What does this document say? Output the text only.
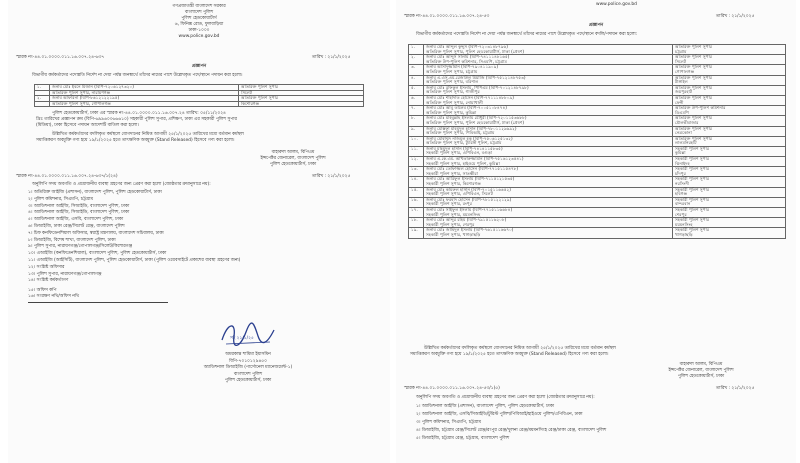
গণপ্রজাতন্ত্রী বাংলাদেশ সরকার
বাংলাদেশ পুলিশ
পুলিশ হেডকোয়ার্টার্স
৬, ফিনিক্স রোড, ফুলবাড়িয়া
ঢাকা-১০০০
www.police.gov.bd
স্মারক নং-৪৪.০১.০০০০.০১১.১৬.০০৭.২৪-৬৩৭	তারিখ : ২১/১/২০২৫
প্রজ্ঞাপন
বিভাগীয় কর্মকর্তাদের পদোন্নতি নির্দেশ না দেয়া পর্যন্ত জনস্বার্থে তাঁদের নামের পাশে উল্লেখকৃত পদে/স্থানে পদায়ন করা হলো।
১.	জনাব মোঃ ইবনে মিজান (বিপি-৭২০৬১২৭৩২০)	অতিরিক্ত পুলিশ সুপার
	অতিরিক্ত পুলিশ সুপার, নারায়ণগঞ্জ	সিলেট
২.	জনাব আফরিনা (বিপি-৮৬১২১২২১৯৫)	অতিরিক্ত পুলিশ সুপার
	অতিরিক্ত পুলিশ সুপার, গোপালগঞ্জ	কিশোরগঞ্জ
পুলিশ হেডকোয়ার্টার্স, ঢাকা এর স্মারক নং-৪৪.০১.০০০০.০১১.১৬.০০৭.২৪ তারিখ: ০৫/১১/২০২৪
খ্রিঃ তারিখের প্রজ্ঞাপন ক্রম (বিপি-৬৯৯৬০০৬৬৬১০) সহকারী পুলিশ সুপার, প্রশিক্ষণ, ঢাকা এর সহকারী পুলিশ সুপার
(মিডিয়া), ঢাকা হিসেবে পদায়ন আদেশটি বাতিল করা হলো।
উল্লিখিত কর্মকর্তাদের বদলিকৃত কর্মস্থলে যোগদানের নিমিত্ত আগামী ২৫/১/২০২৫ তারিখের মধ্যে বর্তমান কর্মস্থল
সমাপ্তিকরণ অবমুক্তি গণ্য হয়ে ১৯/১/২০২৫ হতে তাৎক্ষণিক অবমুক্ত (Stand Released) হিসেবে গণ্য করা হলো।
বাহারুল আলম, বিপিএম
ইন্সপেক্টর জেনারেল, বাংলাদেশ পুলিশ
পুলিশ হেডকোয়ার্টার্স, ঢাকা
স্মারক নং-৪৪.০১.০০০০.০১১.১৬.০০৭.২৪-৬৩৭/১(২৪)	তারিখ : ২১/১/২০২৫
অনুলিপি সদয় অবগতি ও প্রয়োজনীয় ব্যবস্থা গ্রহণের জন্য প্রেরণ করা হলো (জ্যেষ্ঠতার ক্রমানুসারে নয়):
১। অতিরিক্ত আইজি (প্রশাসন), বাংলাদেশ পুলিশ, পুলিশ হেডকোয়ার্টার্স, ঢাকা
২। পুলিশ কমিশনার, সিএমপি, চট্টগ্রাম
৩। অ্যাডিশনাল আইজি, সিআইডি, বাংলাদেশ পুলিশ, ঢাকা
৪। অ্যাডিশনাল আইজি, সিআইডি, বাংলাদেশ পুলিশ, ঢাকা
৫। অ্যাডিশনাল আইজি, এসবি, বাংলাদেশ পুলিশ, ঢাকা
৬। ডিআইজি, ঢাকা রেঞ্জ/সিলেট রেঞ্জ, বাংলাদেশ পুলিশ
৭। চিফ কনফিডেনশিয়াল অফিসার, স্বরাষ্ট্র মন্ত্রণালয়, বাংলাদেশ সচিবালয়, ঢাকা
৮। ডিআইজি, বিশেষ শাখা, বাংলাদেশ পুলিশ, ঢাকা
৯। পুলিশ সুপার, নারায়ণগঞ্জ/গোপালগঞ্জ/সিলেট/কিশোরগঞ্জ
১০। এআইজি (কনফিডেনশিয়াল), বাংলাদেশ পুলিশ, পুলিশ হেডকোয়ার্টার্স, ঢাকা
১১। এআইজি (আইসিটি), বাংলাদেশ পুলিশ, পুলিশ হেডকোয়ার্টার্স, ঢাকা (পুলিশ ওয়েবসাইটে প্রকাশের ব্যবস্থা গ্রহণের জন্য)
১২। সংশ্লিষ্ট অফিসার
১৩। পুলিশ সুপার, নারায়ণগঞ্জ/গোপালগঞ্জ
১৪। সংশ্লিষ্ট কর্মকর্তাগণ
১৫। অফিস কপি
১৬। সংরক্ষণ নথি/অফিস নথি
সই ২১/১/২৫
অমরকান্ত শামিমা ইয়াসমিন
বিপি-৭০১০১২৯৪৫০
অ্যাডিশনাল ডিআইজি (পার্সোনেল ম্যানেজমেন্ট-১)
বাংলাদেশ পুলিশ
পুলিশ হেডকোয়ার্টার্স, ঢাকা
www.police.gov.bd
স্মারক নং-৪৪.০১.০০০০.০১১.১৬.০০৭.২৪-৫৩	তারিখ : ২১/১/২০২৫
প্রজ্ঞাপন
বিভাগীয় কর্মকর্তাদের পদোন্নতি নির্দেশ না দেয়া পর্যন্ত জনস্বার্থে তাঁদের নামের পাশে উল্লেখকৃত পদে/স্থানে বদলি/পদায়ন করা হলো:
১.	জনাব মোঃ আব্দুল কুদ্দুস (বিপি-৭২০৩১৪৮৭৯৬)	অতিরিক্ত পুলিশ সুপার
	অতিরিক্ত পুলিশ সুপার, পুলিশ হেডকোয়ার্টার্স, ঢাকা (প্রেষণ)	চট্টগ্রাম
২.	জনাব মোঃ আব্দুস সালাম (বিপি-৭৪১১১৪৮১৬৫)	অতিরিক্ত পুলিশ সুপার
	অতিরিক্ত উপ-পুলিশ কমিশনার, সিএমপি, চট্টগ্রাম	সিলেট
৩.	জনাব আসাদুজ্জামান (বিপি-৭৯০৪১১৯০৯)	অতিরিক্ত পুলিশ সুপার
	অতিরিক্ত পুলিশ সুপার, চট্টগ্রাম	গোপালগঞ্জ
৪.	জনাব এ.এস.এম.রেজাউল মিয়াজি (বিপি-৭৫১২১৪৮৭৫৩)	অতিরিক্ত পুলিশ সুপার
	অতিরিক্ত পুলিশ সুপার, বরিশাল	টাঙ্গাইল
৫.	জনাব মোঃ রফিকুল ইসলাম, পিপিএম (বিপি-৭০১২১৪৮৭৯৮)	অতিরিক্ত পুলিশ সুপার
	অতিরিক্ত পুলিশ সুপার, গাজীপুর	জয়পুরহাট
৬.	জনাব মোঃ শাহাদাত হোসেন (বিপি-৭৭১১১৪৮৮০৯)	অতিরিক্ত পুলিশ সুপার
	অতিরিক্ত পুলিশ সুপার, নোয়াখালী	ফেনী
৭.	জনাব মোঃ আবু তালেব (বিপি-৭০০৫১০৮৪৭৪)	অতিরিক্ত উপ-পুলিশ কমিশনার
	অতিরিক্ত পুলিশ সুপার, কুমিল্লা	ডিএমপি
৮.	জনাব মোঃ মহিবুল্লাহ ইসলাম চৌধুরী (বিপি-৭২০১১৫৩৬৮৮)	অতিরিক্ত পুলিশ সুপার
	অতিরিক্ত পুলিশ সুপার, পুলিশ হেডকোয়ার্টার্স, ঢাকা (প্রেষণ)	মৌলভীবাজার
৯.	জনাব মোস্তফা মাহমুদুল হাসান (বিপি-৭৮০১১২৯৬৯২)	অতিরিক্ত পুলিশ সুপার
	অতিরিক্ত পুলিশ সুপার, পিবিআই, চট্টগ্রাম	নেত্রকোনা
১০.	জনাব মোহাম্মদ নাজমুল হক (বিপি-৭৫০৬১২৫১৩২)	অতিরিক্ত পুলিশ সুপার
	অতিরিক্ত পুলিশ সুপার, ট্যুরিস্ট পুলিশ, চট্টগ্রাম	লালমনিরহাট
১১.	জনাব মাহমুদুল হাসান (বিপি-৭৪১৪১১৫৮৩৫)	সহকারী পুলিশ সুপার
	সহকারী পুলিশ সুপার, এপিবিএন, বগুড়া	কুমিল্লা
১২.	জনাব এ.কে.এম. আখতারুজ্জামান (বিপি-৭৫১৬১২৩৫৪১)	সহকারী পুলিশ সুপার
	সহকারী পুলিশ সুপার, হাইওয়ে পুলিশ, কুমিল্লা	ঝিনাইদহ
১৩.	জনাব মোঃ তোফাজ্জল হোসেন (বিপি-৭৭১৫১১৫৪৭৮)	সহকারী পুলিশ সুপার
	সহকারী পুলিশ সুপার, সাতক্ষীরা	চাঁদপুর
১৪.	জনাব মোঃ আরিফুল ইসলাম (বিপি-৭১১৫১২১৫৩৫)	সহকারী পুলিশ সুপার
	সহকারী পুলিশ সুপার, কিশোরগঞ্জ	নরসিংদী
১৫.	জনাব মোঃ কামরুল হাসান (বিপি-৭০১৫১১৬৬৫২)	সহকারী পুলিশ সুপার
	সহকারী পুলিশ সুপার, এপিবিএন, সিলেট	হবিগঞ্জ
১৬.	জনাব মোঃ ফরহাদ হোসেন (বিপি-৭৮১৫১২২১২৯)	সহকারী পুলিশ সুপার
	সহকারী পুলিশ সুপার, রংপুর	বান্দরবান
১৭.	জনাব মোঃ সাইফুল ইসলাম (বিপি-৭৭১৫১১৬৬৮৪)	সহকারী পুলিশ সুপার
	সহকারী পুলিশ সুপার, ময়মনসিংহ	শেরপুর
১৮.	জনাব মোঃ আব্দুর রহিম (বিপি-৭৯১৫১১৬২০৮)	সহকারী পুলিশ সুপার
	সহকারী পুলিশ সুপার, শেরপুর	ময়মনসিংহ
১৯.	জনাব মোঃ জাহিদুল ইসলাম (বিপি-৭৬১৫১১৬৬৭০)	সহকারী পুলিশ সুপার
	সহকারী পুলিশ সুপার, খাগড়াছড়ি	খাগড়াছড়ি
উল্লিখিত কর্মকর্তাদের বদলিকৃত কর্মস্থলে যোগদানের নিমিত্ত আগামী ২৫/১/২০২৫ তারিখের মধ্যে বর্তমান কর্মস্থল
সমাপ্তিকরণ অবমুক্তি গণ্য হয়ে ১৯/১/২০২৫ হতে তাৎক্ষণিক অবমুক্ত (Stand Released) হিসেবে গণ্য করা হলো।
বাহারুল আলম, বিপিএম
ইন্সপেক্টর জেনারেল, বাংলাদেশ পুলিশ
পুলিশ হেডকোয়ার্টার্স, ঢাকা
স্মারক নং-৪৪.০১.০০০০.০১১.১৬.০০৭.২৪-৫৩/১(৫)	তারিখ : ২১/১/২০২৫
অনুলিপি সদয় অবগতি ও প্রয়োজনীয় ব্যবস্থা গ্রহণের জন্য প্রেরণ করা হলো (জ্যেষ্ঠতার ক্রমানুসারে নয়):
১। অ্যাডিশনাল আইজি (প্রশাসন), বাংলাদেশ পুলিশ, পুলিশ হেডকোয়ার্টার্স, ঢাকা
২। অ্যাডিশনাল আইজি, এসবি/সিআইডি/টুরিস্ট পুলিশ/পিবিআই/হাইওয়ে পুলিশ/এপিবিএন, ঢাকা
৩। পুলিশ কমিশনার, সিএমপি, চট্টগ্রাম
৪। ডিআইজি, চট্টগ্রাম রেঞ্জ/সিলেট রেঞ্জ/রংপুর রেঞ্জ/খুলনা রেঞ্জ/ময়মনসিংহ রেঞ্জ/ঢাকা রেঞ্জ, বাংলাদেশ পুলিশ
৫। ডিআইজি, চট্টগ্রাম রেঞ্জ, চট্টগ্রাম, বাংলাদেশ পুলিশ
